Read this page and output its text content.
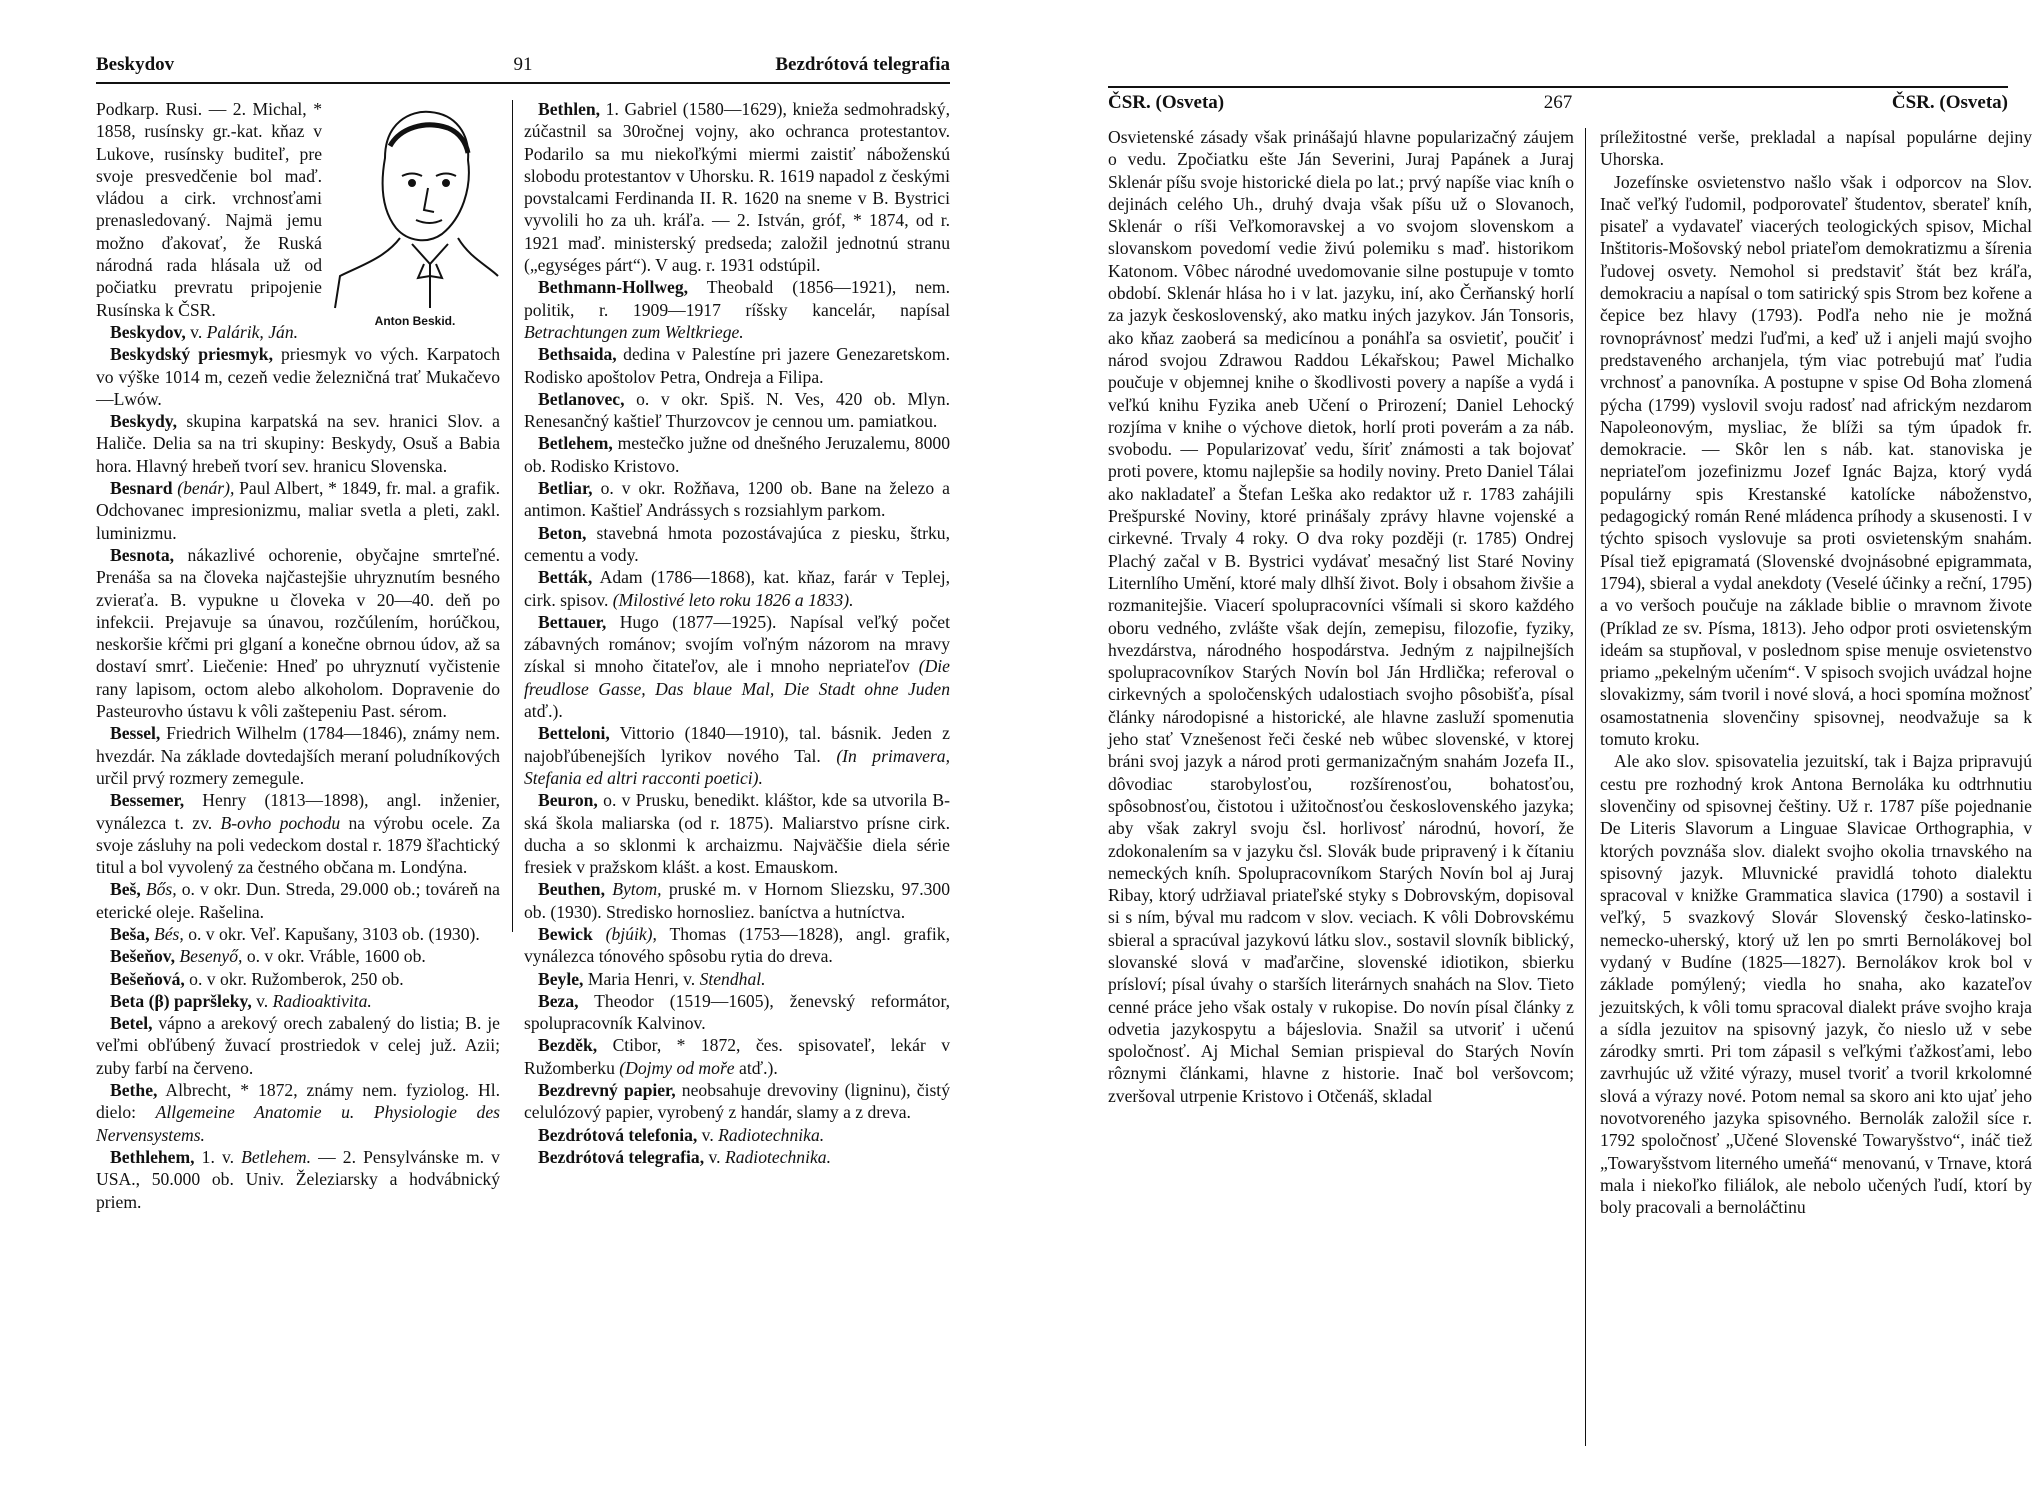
Beskydov	91	Bezdrótová telegrafia
Anton Beskid.

Podkarp. Rusi. — 2. Michal, * 1858, rusínsky gr.-kat. kňaz v Lukove, rusínsky buditeľ, pre svoje presvedčenie bol maď. vládou a cirk. vrchnosťami prenasledovaný. Najmä jemu možno ďakovať, že Ruská národná rada hlásala už od počiatku prevratu pripojenie Rusínska k ČSR.

Beskydov, v. Palárik, Ján.

Beskydský priesmyk, priesmyk vo vých. Karpatoch vo výške 1014 m, cezeň vedie železničná trať Mukačevo—Lwów.

Beskydy, skupina karpatská na sev. hranici Slov. a Haliče. Delia sa na tri skupiny: Beskydy, Osuš a Babia hora. Hlavný hrebeň tvorí sev. hranicu Slovenska.

Besnard (benár), Paul Albert, * 1849, fr. mal. a grafik. Odchovanec impresionizmu, maliar svetla a pleti, zakl. luminizmu.

Besnota, nákazlivé ochorenie, obyčajne smrteľné. Prenáša sa na človeka najčastejšie uhryznutím besného zvieraťa. B. vypukne u človeka v 20—40. deň po infekcii. Prejavuje sa únavou, rozčúlením, horúčkou, neskoršie kŕčmi pri glganí a konečne obrnou údov, až sa dostaví smrť. Liečenie: Hneď po uhryznutí vyčistenie rany lapisom, octom alebo alkoholom. Dopravenie do Pasteurovho ústavu k vôli zaštepeniu Past. sérom.

Bessel, Friedrich Wilhelm (1784—1846), známy nem. hvezdár. Na základe dovtedajších meraní poludníkových určil prvý rozmery zemegule.

Bessemer, Henry (1813—1898), angl. inženier, vynálezca t. zv. B-ovho pochodu na výrobu ocele. Za svoje zásluhy na poli vedeckom dostal r. 1879 šľachtický titul a bol vyvolený za čestného občana m. Londýna.

Beš, Bős, o. v okr. Dun. Streda, 29.000 ob.; továreň na eterické oleje. Rašelina.

Beša, Bés, o. v okr. Veľ. Kapušany, 3103 ob. (1930).

Bešeňov, Besenyő, o. v okr. Vráble, 1600 ob.

Bešeňová, o. v okr. Ružomberok, 250 ob.

Beta (β) papršleky, v. Radioaktivita.

Betel, vápno a arekový orech zabalený do listia; B. je veľmi obľúbený žuvací prostriedok v celej juž. Azii; zuby farbí na červeno.

Bethe, Albrecht, * 1872, známy nem. fyziolog. Hl. dielo: Allgemeine Anatomie u. Physiologie des Nervensystems.

Bethlehem, 1. v. Betlehem. — 2. Pensylvánske m. v USA., 50.000 ob. Univ. Železiarsky a hodvábnický priem.

Bethlen, 1. Gabriel (1580—1629), knieža sedmohradský, zúčastnil sa 30ročnej vojny, ako ochranca protestantov. Podarilo sa mu niekoľkými miermi zaistiť náboženskú slobodu protestantov v Uhorsku. R. 1619 napadol z českými povstalcami Ferdinanda II. R. 1620 na sneme v B. Bystrici vyvolili ho za uh. kráľa. — 2. István, gróf, * 1874, od r. 1921 maď. ministerský predseda; založil jednotnú stranu („egységes párt“). V aug. r. 1931 odstúpil.

Bethmann-Hollweg, Theobald (1856—1921), nem. politik, r. 1909—1917 ríšsky kancelár, napísal Betrachtungen zum Weltkriege.

Bethsaida, dedina v Palestíne pri jazere Genezaretskom. Rodisko apoštolov Petra, Ondreja a Filipa.

Betlanovec, o. v okr. Spiš. N. Ves, 420 ob. Mlyn. Renesančný kaštieľ Thurzovcov je cennou um. pamiatkou.

Betlehem, mestečko južne od dnešného Jeruzalemu, 8000 ob. Rodisko Kristovo.

Betliar, o. v okr. Rožňava, 1200 ob. Bane na železo a antimon. Kaštieľ Andrássych s rozsiahlym parkom.

Beton, stavebná hmota pozostávajúca z piesku, štrku, cementu a vody.

Betták, Adam (1786—1868), kat. kňaz, farár v Teplej, cirk. spisov. (Milostivé leto roku 1826 a 1833).

Bettauer, Hugo (1877—1925). Napísal veľký počet zábavných románov; svojím voľným názorom na mravy získal si mnoho čitateľov, ale i mnoho nepriateľov (Die freudlose Gasse, Das blaue Mal, Die Stadt ohne Juden atď.).

Betteloni, Vittorio (1840—1910), tal. básnik. Jeden z najobľúbenejších lyrikov nového Tal. (In primavera, Stefania ed altri racconti poetici).

Beuron, o. v Prusku, benedikt. kláštor, kde sa utvorila B-ská škola maliarska (od r. 1875). Maliarstvo prísne cirk. ducha a so sklonmi k archaizmu. Najväčšie diela série fresiek v pražskom klášt. a kost. Emauskom.

Beuthen, Bytom, pruské m. v Hornom Sliezsku, 97.300 ob. (1930). Stredisko hornosliez. baníctva a hutníctva.

Bewick (bjúik), Thomas (1753—1828), angl. grafik, vynálezca tónového spôsobu rytia do dreva.

Beyle, Maria Henri, v. Stendhal.

Beza, Theodor (1519—1605), ženevský reformátor, spolupracovník Kalvinov.

Bezděk, Ctibor, * 1872, čes. spisovateľ, lekár v Ružomberku (Dojmy od moře atď.).

Bezdrevný papier, neobsahuje drevoviny (ligninu), čistý celulózový papier, vyrobený z handár, slamy a z dreva.

Bezdrótová telefonia, v. Radiotechnika.

Bezdrótová telegrafia, v. Radiotechnika.

ČSR. (Osveta)	267	ČSR. (Osveta)

Osvietenské zásady však prinášajú hlavne popularizačný záujem o vedu. Zpočiatku ešte Ján Severini, Juraj Papánek a Juraj Sklenár píšu svoje historické diela po lat.; prvý napíše viac kníh o dejinách celého Uh., druhý dvaja však píšu už o Slovanoch, Sklenár o ríši Veľkomoravskej a vo svojom slovenskom a slovanskom povedomí vedie živú polemiku s maď. historikom Katonom. Vôbec národné uvedomovanie silne postupuje v tomto období. Sklenár hlása ho i v lat. jazyku, iní, ako Čerňanský horlí za jazyk československý, ako matku iných jazykov. Ján Tonsoris, ako kňaz zaoberá sa medicínou a ponáhľa sa osvietiť, poučiť i národ svojou Zdrawou Raddou Lékařskou; Pawel Michalko poučuje v objemnej knihe o škodlivosti povery a napíše a vydá i veľkú knihu Fyzika aneb Učení o Prirození; Daniel Lehocký rozjíma v knihe o výchove dietok, horlí proti poverám a za náb. svobodu. — Popularizovať vedu, šíriť známosti a tak bojovať proti povere, ktomu najlepšie sa hodily noviny. Preto Daniel Tálai ako nakladateľ a Štefan Leška ako redaktor už r. 1783 zahájili Prešpurské Noviny, ktoré prinášaly zprávy hlavne vojenské a cirkevné. Trvaly 4 roky. O dva roky později (r. 1785) Ondrej Plachý začal v B. Bystrici vydávať mesačný list Staré Noviny Liternlího Umění, ktoré maly dlhší život. Boly i obsahom živšie a rozmanitejšie. Viacerí spolupracovníci všímali si skoro každého oboru vedného, zvlášte však dejín, zemepisu, filozofie, fyziky, hvezdárstva, národného hospodárstva. Jedným z najpilnejších spolupracovníkov Starých Novín bol Ján Hrdlička; referoval o cirkevných a spoločenských udalostiach svojho pôsobišťa, písal články národopisné a historické, ale hlavne zasluží spomenutia jeho stať Vznešenost řeči české neb wůbec slovenské, v ktorej bráni svoj jazyk a národ proti germanizačným snahám Jozefa II., dôvodiac starobylosťou, rozšírenosťou, bohatosťou, spôsobnosťou, čistotou i užitočnosťou československého jazyka; aby však zakryl svoju čsl. horlivosť národnú, hovorí, že zdokonalením sa v jazyku čsl. Slovák bude pripravený i k čítaniu nemeckých kníh. Spolupracovníkom Starých Novín bol aj Juraj Ribay, ktorý udržiaval priateľské styky s Dobrovským, dopisoval si s ním, býval mu radcom v slov. veciach. K vôli Dobrovskému sbieral a spracúval jazykovú látku slov., sostavil slovník biblický, slovanské slová v maďarčine, slovenské idiotikon, sbierku prísloví; písal úvahy o starších literárnych snahách na Slov. Tieto cenné práce jeho však ostaly v rukopise. Do novín písal články z odvetia jazykospytu a bájeslovia. Snažil sa utvoriť i učenú spoločnosť. Aj Michal Semian prispieval do Starých Novín rôznymi článkami, hlavne z historie. Inač bol veršovcom; zveršoval utrpenie Kristovo i Otčenáš, skladal

príležitostné verše, prekladal a napísal populárne dejiny Uhorska.

Jozefínske osvietenstvo našlo však i odporcov na Slov. Inač veľký ľudomil, podporovateľ študentov, sberateľ kníh, pisateľ a vydavateľ viacerých teologických spisov, Michal Inštitoris-Mošovský nebol priateľom demokratizmu a šírenia ľudovej osvety. Nemohol si predstaviť štát bez kráľa, demokraciu a napísal o tom satirický spis Strom bez kořene a čepice bez hlavy (1793). Podľa neho nie je možná rovnoprávnosť medzi ľuďmi, a keď už i anjeli majú svojho predstaveného archanjela, tým viac potrebujú mať ľudia vrchnosť a panovníka. A postupne v spise Od Boha zlomená pýcha (1799) vyslovil svoju radosť nad africkým nezdarom Napoleonovým, mysliac, že blíži sa tým úpadok fr. demokracie. — Skôr len s náb. kat. stanoviska je nepriateľom jozefinizmu Jozef Ignác Bajza, ktorý vydá populárny spis Krestanské katolícke náboženstvo, pedagogický román René mládenca príhody a skusenosti. I v týchto spisoch vyslovuje sa proti osvietenským snahám. Písal tiež epigramatá (Slovenské dvojnásobné epigrammata, 1794), sbieral a vydal anekdoty (Veselé účinky a reční, 1795) a vo veršoch poučuje na základe biblie o mravnom živote (Príklad ze sv. Písma, 1813). Jeho odpor proti osvietenským ideám sa stupňoval, v poslednom spise menuje osvietenstvo priamo „pekelným učením“. V spisoch svojich uvádzal hojne slovakizmy, sám tvoril i nové slová, a hoci spomína možnosť osamostatnenia slovenčiny spisovnej, neodvažuje sa k tomuto kroku.

Ale ako slov. spisovatelia jezuitskí, tak i Bajza pripravujú cestu pre rozhodný krok Antona Bernoláka ku odtrhnutiu slovenčiny od spisovnej češtiny. Už r. 1787 píše pojednanie De Literis Slavorum a Linguae Slavicae Orthographia, v ktorých povznáša slov. dialekt svojho okolia trnavského na spisovný jazyk. Mluvnické pravidlá tohoto dialektu spracoval v knižke Grammatica slavica (1790) a sostavil i veľký, 5 svazkový Slovár Slovenský česko-latinsko-nemecko-uherský, ktorý už len po smrti Bernolákovej bol vydaný v Budíne (1825—1827). Bernolákov krok bol v základe pomýlený; viedla ho snaha, ako kazateľov jezuitských, k vôli tomu spracoval dialekt práve svojho kraja a sídla jezuitov na spisovný jazyk, čo nieslo už v sebe zárodky smrti. Pri tom zápasil s veľkými ťažkosťami, lebo zavrhujúc už vžité výrazy, musel tvoriť a tvoril krkolomné slová a výrazy nové. Potom nemal sa skoro ani kto ujať jeho novotvoreného jazyka spisovného. Bernolák založil síce r. 1792 spoločnosť „Učené Slovenské Towaryšstvo“, ináč tiež „Towaryšstvom literného umeňá“ menovanú, v Trnave, ktorá mala i niekoľko filiálok, ale nebolo učených ľudí, ktorí by boly pracovali a bernoláčtinu
